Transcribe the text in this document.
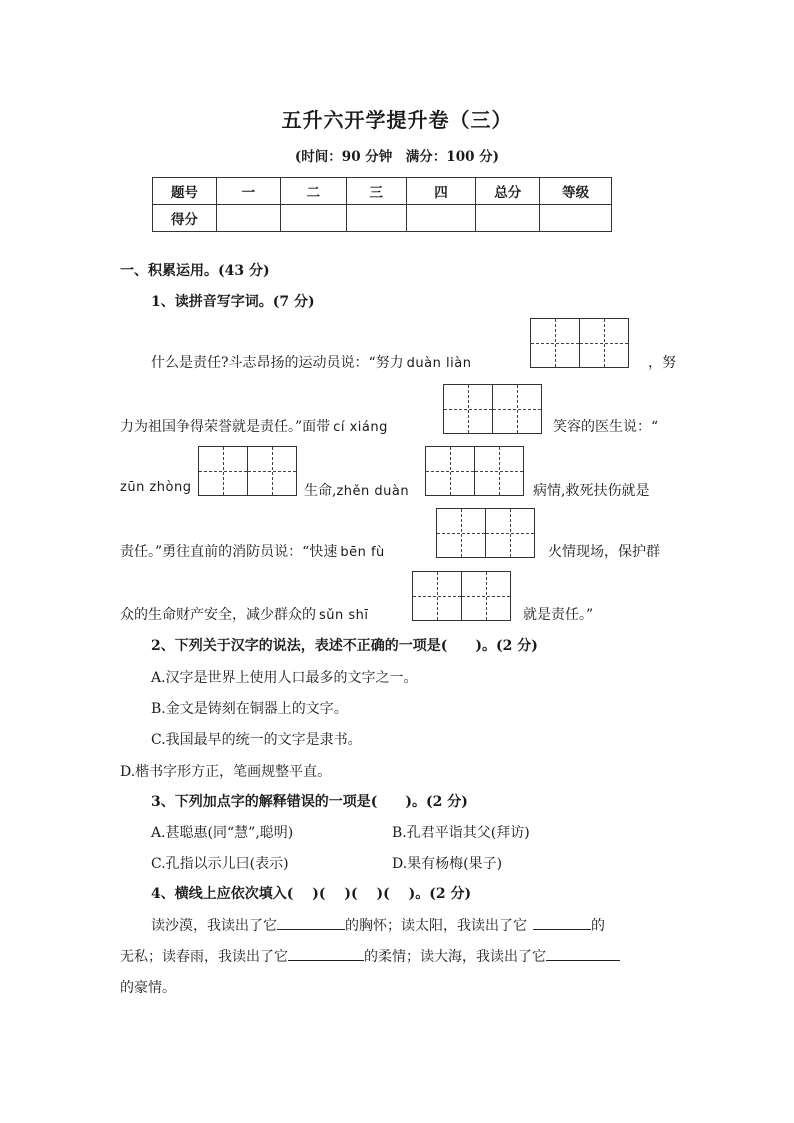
五升六开学提升卷（三）
(时间：90 分钟　满分：100 分)
题号	一	二	三	四	总分	等级
得分						
一、积累运用。(43 分)
1、读拼音写字词。(7 分)
什么是责任?斗志昂扬的运动员说：“努力 duàn liàn	，努
力为祖国争得荣誉就是责任。”面带 cí xiáng	笑容的医生说：“
zūn zhòng	生命,zhěn duàn	病情,救死扶伤就是
责任。”勇往直前的消防员说：“快速 bēn fù	火情现场，保护群
众的生命财产安全，减少群众的 sǔn shī	就是责任。”
2、下列关于汉字的说法，表述不正确的一项是(　　)。(2 分)
A.汉字是世界上使用人口最多的文字之一。
B.金文是铸刻在铜器上的文字。
C.我国最早的统一的文字是隶书。
D.楷书字形方正，笔画规整平直。
3、下列加点字的解释错误的一项是(　　)。(2 分)
A.甚聪惠(同“慧”,聪明)	B.孔君平诣其父(拜访)
C.孔指以示儿曰(表示)	D.果有杨梅(果子)
4、横线上应依次填入(　 )(　 )(　 )(　 )。(2 分)
读沙漠，我读出了它	的胸怀；读太阳，我读出了它	的
无私；读春雨，我读出了它	的柔情；读大海，我读出了它
的豪情。
